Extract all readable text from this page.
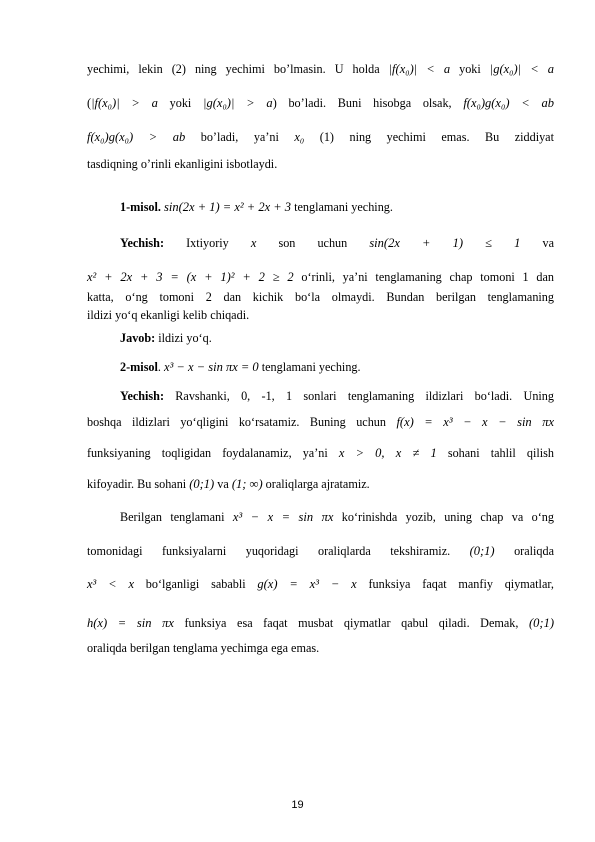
yechimi, lekin (2) ning yechimi bo’lmasin. U holda |f(x₀)| < a yoki |g(x₀)| < a
(|f(x₀)| > a yoki |g(x₀)| > a) bo’ladi. Buni hisobga olsak, f(x₀)g(x₀) < ab
f(x₀)g(x₀) > ab bo’ladi, ya’ni x₀ (1) ning yechimi emas. Bu ziddiyat
tasdiqning o’rinli ekanligini isbotlaydi.
1-misol. sin(2x + 1) = x² + 2x + 3 tenglamani yeching.
Yechish: Ixtiyoriy x son uchun sin(2x + 1) ≤ 1 va
x² + 2x + 3 = (x + 1)² + 2 ≥ 2 o‘rinli, ya’ni tenglamaning chap tomoni 1 dan
katta, o‘ng tomoni 2 dan kichik bo‘la olmaydi. Bundan berilgan tenglamaning
ildizi yo‘q ekanligi kelib chiqadi.
Javob: ildizi yo‘q.
2-misol. x³ − x − sin πx = 0 tenglamani yeching.
Yechish: Ravshanki, 0, -1, 1 sonlari tenglamaning ildizlari bo‘ladi. Uning
boshqa ildizlari yo‘qligini ko‘rsatamiz. Buning uchun f(x) = x³ − x − sin πx
funksiyaning toqligidan foydalanamiz, ya’ni x > 0, x ≠ 1 sohani tahlil qilish
kifoyadir. Bu sohani (0;1) va (1; ∞) oraliqlarga ajratamiz.
Berilgan tenglamani x³ − x = sin πx ko‘rinishda yozib, uning chap va o‘ng
tomonidagi funksiyalarni yuqoridagi oraliqlarda tekshiramiz. (0;1) oraliqda
x³ < x bo‘lganligi sababli g(x) = x³ − x funksiya faqat manfiy qiymatlar,
h(x) = sin πx funksiya esa faqat musbat qiymatlar qabul qiladi. Demak, (0;1)
oraliqda berilgan tenglama yechimga ega emas.
19
